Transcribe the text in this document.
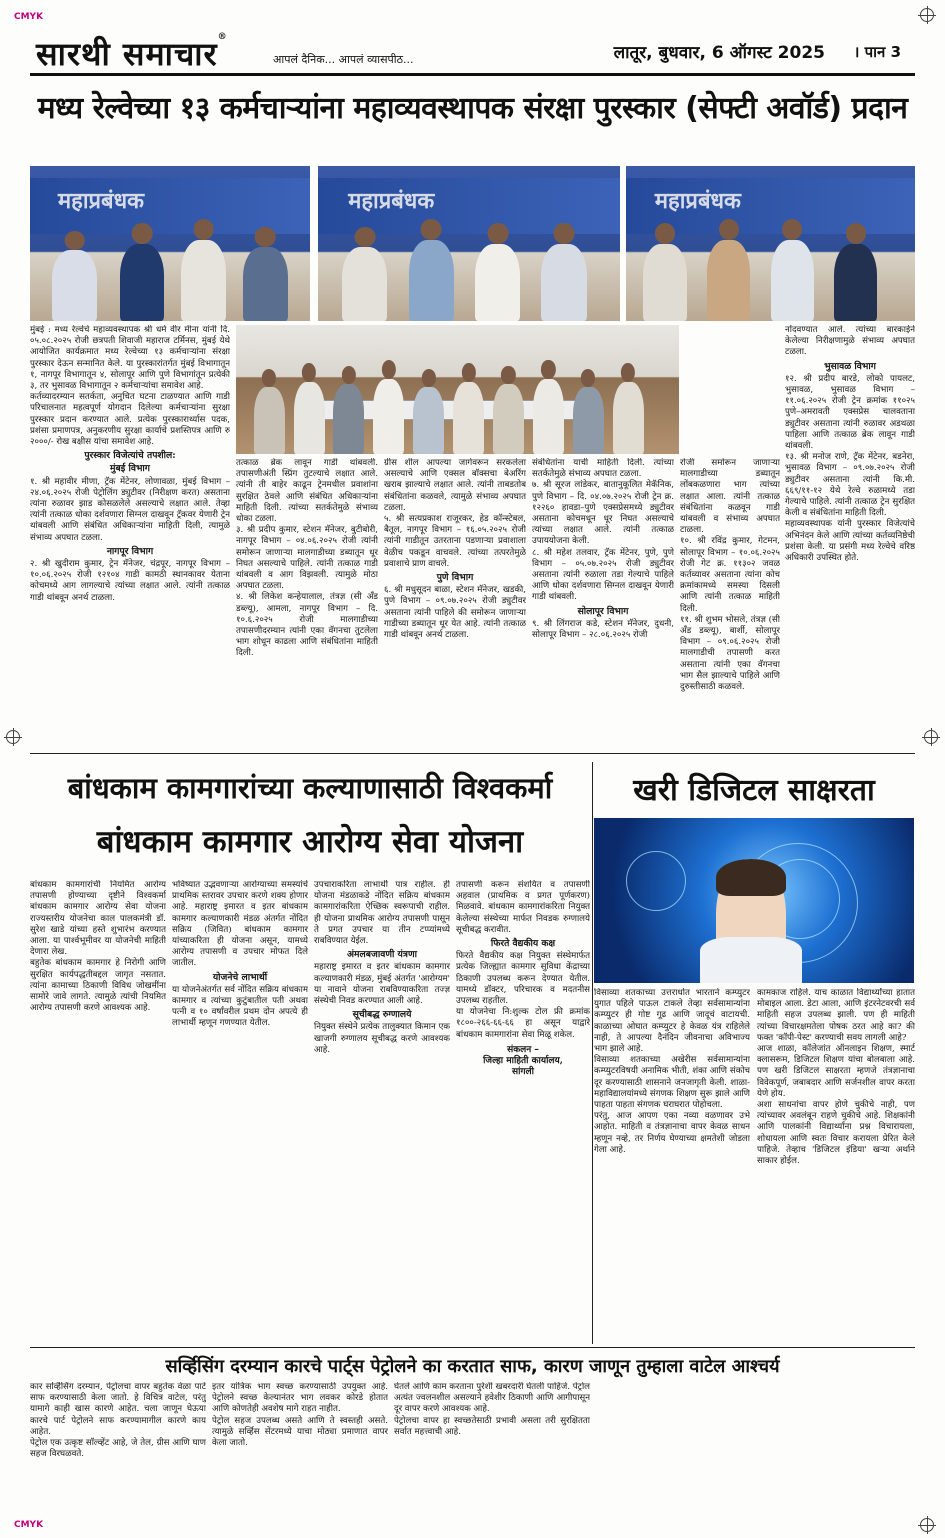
CMYK
CMYK
सारथी समाचार®
आपलं दैनिक... आपलं व्यासपीठ...	लातूर, बुधवार, 6 ऑगस्ट 2025 । पान 3
मध्य रेल्वेच्या १३ कर्मचाऱ्यांना महाव्यवस्थापक संरक्षा पुरस्कार (सेफ्टी अवॉर्ड) प्रदान
महाप्रबंधक	महाप्रबंधक	महाप्रबंधक

मुंबई : मध्य रेल्वेचे महाव्यवस्थापक श्री धर्म वीर मीना यांनी दि. ०५.०८.२०२५ रोजी छत्रपती शिवाजी महाराज टर्मिनस, मुंबई येथे आयोजित कार्यक्रमात मध्य रेल्वेच्या १३ कर्मचाऱ्यांना संरक्षा पुरस्कार देऊन सन्मानित केले. या पुरस्कारांतर्गत मुंबई विभागातून १, नागपूर विभागातून ४, सोलापूर आणि पुणे विभागांतून प्रत्येकी ३, तर भुसावळ विभागातून २ कर्मचाऱ्यांचा समावेश आहे.

कर्तव्यादरम्यान सतर्कता, अनुचित घटना टाळण्यात आणि गाडी परिचालनात महत्वपूर्ण योगदान दिलेल्या कर्मचाऱ्यांना सुरक्षा पुरस्कार प्रदान करण्यात आले. प्रत्येक पुरस्कारार्थ्यास पदक, प्रशंसा प्रमाणपत्र, अनुकरणीय सुरक्षा कार्याचे प्रशस्तिपत्र आणि रु २०००/- रोख बक्षीस यांचा समावेश आहे.

पुरस्कार विजेत्यांचे तपशील:

मुंबई विभाग

१. श्री महावीर मीणा, ट्रॅक मेंटेनर, लोणावळा, मुंबई विभाग – २४.०६.२०२५ रोजी पेट्रोलिंग ड्युटीवर (निरीक्षण करत) असताना त्यांना रुळावर झाड कोसळलेले असल्याचे लक्षात आले. तेव्हा त्यांनी तत्काळ धोका दर्शवणारा सिग्नल दाखवून ट्रॅकवर येणारी ट्रेन थांबवली आणि संबंधित अधिकाऱ्यांना माहिती दिली, त्यामुळे संभाव्य अपघात टळला.

नागपूर विभाग

२. श्री खुदीराम कुमार, ट्रेन मॅनेजर, चंद्रपूर, नागपूर विभाग – १०.०६.२०२५ रोजी १२१०४ गाडी कामठी स्थानकावर येताना कोचमध्ये आग लागल्याचे त्यांच्या लक्षात आले. त्यांनी तत्काळ गाडी थांबवून अनर्थ टाळला.

तत्काळ ब्रेक लावून गाडी थांबवली. तपासणीअंती स्प्रिंग तुटल्याचे लक्षात आले. त्यांनी ती बाहेर काढून ट्रेनमधील प्रवाशांना सुरक्षित ठेवले आणि संबंधित अधिकाऱ्यांना माहिती दिली. त्यांच्या सतर्कतेमुळे संभाव्य धोका टळला.

३. श्री प्रदीप कुमार, स्टेशन मॅनेजर, बुटीबोरी, नागपूर विभाग – ०४.०६.२०२५ रोजी त्यांनी समोरून जाणाऱ्या मालगाडीच्या डब्यातून धूर निघत असल्याचे पाहिले. त्यांनी तत्काळ गाडी थांबवली व आग विझवली. त्यामुळे मोठा अपघात टळला.

४. श्री लिकेश कन्हेयालाल, तंत्रज्ञ (सी अँड डब्ल्यू), आमला, नागपूर विभाग – दि. १०.६.२०२५ रोजी मालगाडीच्या तपासणीदरम्यान त्यांनी एका वॅगनचा तुटलेला भाग शोधून काढला आणि संबंधितांना माहिती दिली.

ग्रीस शील आपल्या जागेवरून सरकलेला असल्याचे आणि एक्सल बॉक्सचा बेअरिंग खराब झाल्याचे लक्षात आले. त्यांनी ताबडतोब संबंधितांना कळवले, त्यामुळे संभाव्य अपघात टळला.

५. श्री सत्यप्रकाश राजूरकर, हेड कॉन्स्टेबल, बैतूल, नागपूर विभाग – १६.०५.२०२५ रोजी त्यांनी गाडीतून उतरताना पडणाऱ्या प्रवाशाला वेळीच पकडून वाचवले. त्यांच्या तत्परतेमुळे प्रवाशाचे प्राण वाचले.

पुणे विभाग

६. श्री मधुसूदन बाळा, स्टेशन मॅनेजर, खडकी, पुणे विभाग – ०९.०७.२०२५ रोजी ड्युटीवर असताना त्यांनी पाहिले की समोरून जाणाऱ्या गाडीच्या डब्यातून धूर येत आहे. त्यांनी तत्काळ गाडी थांबवून अनर्थ टाळला.

संबंधितांना याची माहिती दिली. त्यांच्या सतर्कतेमुळे संभाव्य अपघात टळला.

७. श्री सूरज लांडेकर, बातानुकूलित मेकॅनिक, पुणे विभाग – दि. ०४.०७.२०२५ रोजी ट्रेन क्र. १२२६० हावडा–पुणे एक्सप्रेसमध्ये ड्युटीवर असताना कोचमधून धूर निघत असल्याचे त्यांच्या लक्षात आले. त्यांनी तत्काळ उपाययोजना केली.

८. श्री महेश तलवार, ट्रॅक मेंटेनर, पुणे, पुणे विभाग – ०५.०७.२०२५ रोजी ड्युटीवर असताना त्यांनी रुळाला तडा गेल्याचे पाहिले आणि धोका दर्शवणारा सिग्नल दाखवून येणारी गाडी थांबवली.

सोलापूर विभाग

९. श्री लिंगराज कडे, स्टेशन मॅनेजर, दुधनी, सोलापूर विभाग – २८.०६.२०२५ रोजी

रोजी समोरून जाणाऱ्या मालगाडीच्या डब्यातून लोंबकळणारा भाग त्यांच्या लक्षात आला. त्यांनी तत्काळ संबंधितांना कळवून गाडी थांबवली व संभाव्य अपघात टाळला.

१०. श्री रविंद्र कुमार, गेटमन, सोलापूर विभाग – १०.०६.२०२५ रोजी गेट क्र. ११३०२ जवळ कर्तव्यावर असताना त्यांना कोच क्रमांकामध्ये समस्या दिसली आणि त्यांनी तत्काळ माहिती दिली.

११. श्री शुभम भोसले, तंत्रज्ञ (सी अँड डब्ल्यू), बार्शी, सोलापूर विभाग – ०९.०६.२०२५ रोजी मालगाडीची तपासणी करत असताना त्यांनी एका वॅगनचा भाग सैल झाल्याचे पाहिले आणि दुरुस्तीसाठी कळवले.

नोंदवण्यात आले. त्यांच्या बारकाईने केलेल्या निरीक्षणामुळे संभाव्य अपघात टळला.

भुसावळ विभाग

१२. श्री प्रदीप बारडे, लोको पायलट, भुसावळ, भुसावळ विभाग – ११.०६.२०२५ रोजी ट्रेन क्रमांक ११०२५ पुणे–अमरावती एक्सप्रेस चालवताना ड्युटीवर असताना त्यांनी रुळावर अडथळा पाहिला आणि तत्काळ ब्रेक लावून गाडी थांबवली.

१३. श्री मनोज राणे, ट्रॅक मेंटेनर, बडनेरा, भुसावळ विभाग – ०९.०७.२०२५ रोजी ड्युटीवर असताना त्यांनी कि.मी. ६६९/११-१२ येथे रेल्वे रुळामध्ये तडा गेल्याचे पाहिले. त्यांनी तत्काळ ट्रेन सुरक्षित केली व संबंधितांना माहिती दिली.

महाव्यवस्थापक यांनी पुरस्कार विजेत्यांचे अभिनंदन केले आणि त्यांच्या कर्तव्यनिष्ठेची प्रशंसा केली. या प्रसंगी मध्य रेल्वेचे वरिष्ठ अधिकारी उपस्थित होते.

बांधकाम कामगारांच्या कल्याणासाठी विश्वकर्मा
बांधकाम कामगार आरोग्य सेवा योजना

बांधकाम कामगारांची नियमित आरोग्य तपासणी होण्याच्या दृष्टीने विश्वकर्मा बांधकाम कामगार आरोग्य सेवा योजना राज्यस्तरीय योजनेचा काल पालकमंत्री डॉ. सुरेश खाडे यांच्या हस्ते शुभारंभ करण्यात आला. या पार्श्वभूमीवर या योजनेची माहिती देणारा लेख.

बहुतेक बांधकाम कामगार हे निरोगी आणि सुरक्षित कार्यपद्धतीबद्दल जागृत नसतात. त्यांना कामाच्या ठिकाणी विविध जोखमींना सामोरे जावे लागते. त्यामुळे त्यांची नियमित आरोग्य तपासणी करणे आवश्यक आहे.

भविष्यात उद्भवणाऱ्या आरोग्याच्या समस्यांचे प्राथमिक स्तरावर उपचार करणे शक्य होणार आहे. महाराष्ट्र इमारत व इतर बांधकाम कामगार कल्याणकारी मंडळ अंतर्गत नोंदित सक्रिय (जिवित) बांधकाम कामगार यांच्याकरिता ही योजना असून, यामध्ये आरोग्य तपासणी व उपचार मोफत दिले जातील.

योजनेचे लाभार्थी

या योजनेअंतर्गत सर्व नोंदित सक्रिय बांधकाम कामगार व त्यांच्या कुटुंबातील पती अथवा पत्नी व १० वर्षांवरील प्रथम दोन अपत्ये ही लाभार्थी म्हणून गणण्यात येतील.

उपचाराकरिता लाभार्थी पात्र राहील. ही योजना मंडळाकडे नोंदित सक्रिय बांधकाम कामगारांकरिता ऐच्छिक स्वरूपाची राहील. ही योजना प्राथमिक आरोग्य तपासणी पासून ते प्रगत उपचार या तीन टप्प्यांमध्ये राबविण्यात येईल.

अंमलबजावणी यंत्रणा

महाराष्ट्र इमारत व इतर बांधकाम कामगार कल्याणकारी मंडळ, मुंबई अंतर्गत 'आरोग्यम' या नावाने योजना राबविण्याकरिता तज्ज्ञ संस्थेची निवड करण्यात आली आहे.

सूचीबद्ध रुग्णालये

नियुक्त संस्थेने प्रत्येक तालुक्यात किमान एक खाजगी रुग्णालय सूचीबद्ध करणे आवश्यक आहे.

तपासणी करून संशयित व तपासणी अहवाल (प्राथमिक व प्रगत पूर्णकरण) मिळवावे. बांधकाम कामगारांकरिता नियुक्त केलेल्या संस्थेच्या मार्फत निवडक रुग्णालये सूचीबद्ध करावीत.

फिरते वैद्यकीय कक्ष

फिरते वैद्यकीय कक्ष नियुक्त संस्थेमार्फत प्रत्येक जिल्ह्यात कामगार सुविधा केंद्राच्या ठिकाणी उपलब्ध करून देण्यात येतील. यामध्ये डॉक्टर, परिचारक व मदतनीस उपलब्ध राहतील.

या योजनेचा नि:शुल्क टोल फ्री क्रमांक १८००-२६६-६६-६६ हा असून याद्वारे बांधकाम कामगारांना सेवा मिळू शकेल.

संकलन –
जिल्हा माहिती कार्यालय,
सांगली

खरी डिजिटल साक्षरता

विसाव्या शतकाच्या उत्तरार्धात भारताने कम्प्युटर युगात पहिले पाऊल टाकले तेव्हा सर्वसामान्यांना कम्प्युटर ही गोष्ट गूढ आणि जादूचं वाटायची. काळाच्या ओघात कम्प्युटर हे केवळ यंत्र राहिलेले नाही, ते आपल्या दैनंदिन जीवनाचा अविभाज्य भाग झाले आहे.

विसाव्या शतकाच्या अखेरीस सर्वसामान्यांना कम्प्युटरविषयी अनामिक भीती, शंका आणि संकोच दूर करण्यासाठी शासनाने जनजागृती केली. शाळा-महाविद्यालयांमध्ये संगणक शिक्षण सुरू झाले आणि पाहता पाहता संगणक घराघरात पोहोचला.

परंतु, आज आपण एका नव्या वळणावर उभे आहोत. माहिती व तंत्रज्ञानाचा वापर केवळ साधन म्हणून नव्हे, तर निर्णय घेण्याच्या क्षमतेशी जोडला गेला आहे.

कामकाज राहिले. याच काळात विद्यार्थ्यांच्या हातात मोबाइल आला. डेटा आला, आणि इंटरनेटवरची सर्व माहिती सहज उपलब्ध झाली. पण ही माहिती त्यांच्या विचारक्षमतेला पोषक ठरत आहे का? की फक्त 'कॉपी-पेस्ट' करण्याची सवय लागली आहे?

आज शाळा, कॉलेजांत ऑनलाइन शिक्षण, स्मार्ट क्लासरूम, डिजिटल शिक्षण यांचा बोलबाला आहे. पण खरी डिजिटल साक्षरता म्हणजे तंत्रज्ञानाचा विवेकपूर्ण, जबाबदार आणि सर्जनशील वापर करता येणे होय.

अशा साधनांचा वापर होणे चुकीचे नाही, पण त्यांच्यावर अवलंबून राहणे चुकीचे आहे. शिक्षकांनी आणि पालकांनी विद्यार्थ्यांना प्रश्न विचारायला, शोधायला आणि स्वतः विचार करायला प्रेरित केले पाहिजे. तेव्हाच 'डिजिटल इंडिया' खऱ्या अर्थाने साकार होईल.

सर्व्हिसिंग दरम्यान कारचे पार्ट्स पेट्रोलने का करतात साफ, कारण जाणून तुम्हाला वाटेल आश्चर्य

कार सर्व्हिसिंग दरम्यान, पेट्रोलचा वापर बहुतेक वेळा पार्ट साफ करण्यासाठी केला जातो. हे विचित्र वाटेल, परंतु यामागे काही खास कारणे आहेत. चला जाणून घेऊया कारचे पार्ट पेट्रोलने साफ करण्यामागील कारणे काय आहेत.

पेट्रोल एक उत्कृष्ट सॉल्व्हेंट आहे, जे तेल, ग्रीस आणि घाण सहज विरघळवते.

इतर यांत्रिक भाग स्वच्छ करण्यासाठी उपयुक्त आहे. पेट्रोलने स्वच्छ केल्यानंतर भाग लवकर कोरडे होतात आणि कोणतेही अवशेष मागे राहत नाहीत.

पेट्रोल सहज उपलब्ध असते आणि ते स्वस्तही असते. त्यामुळे सर्व्हिस सेंटरमध्ये याचा मोठ्या प्रमाणात वापर केला जातो.

घेतले आणि काम करताना पुरेशी खबरदारी घेतली पाहिजे. पेट्रोल अत्यंत ज्वलनशील असल्याने हवेशीर ठिकाणी आणि आगीपासून दूर वापर करणे आवश्यक आहे.

पेट्रोलचा वापर हा स्वच्छतेसाठी प्रभावी असला तरी सुरक्षितता सर्वात महत्त्वाची आहे.
